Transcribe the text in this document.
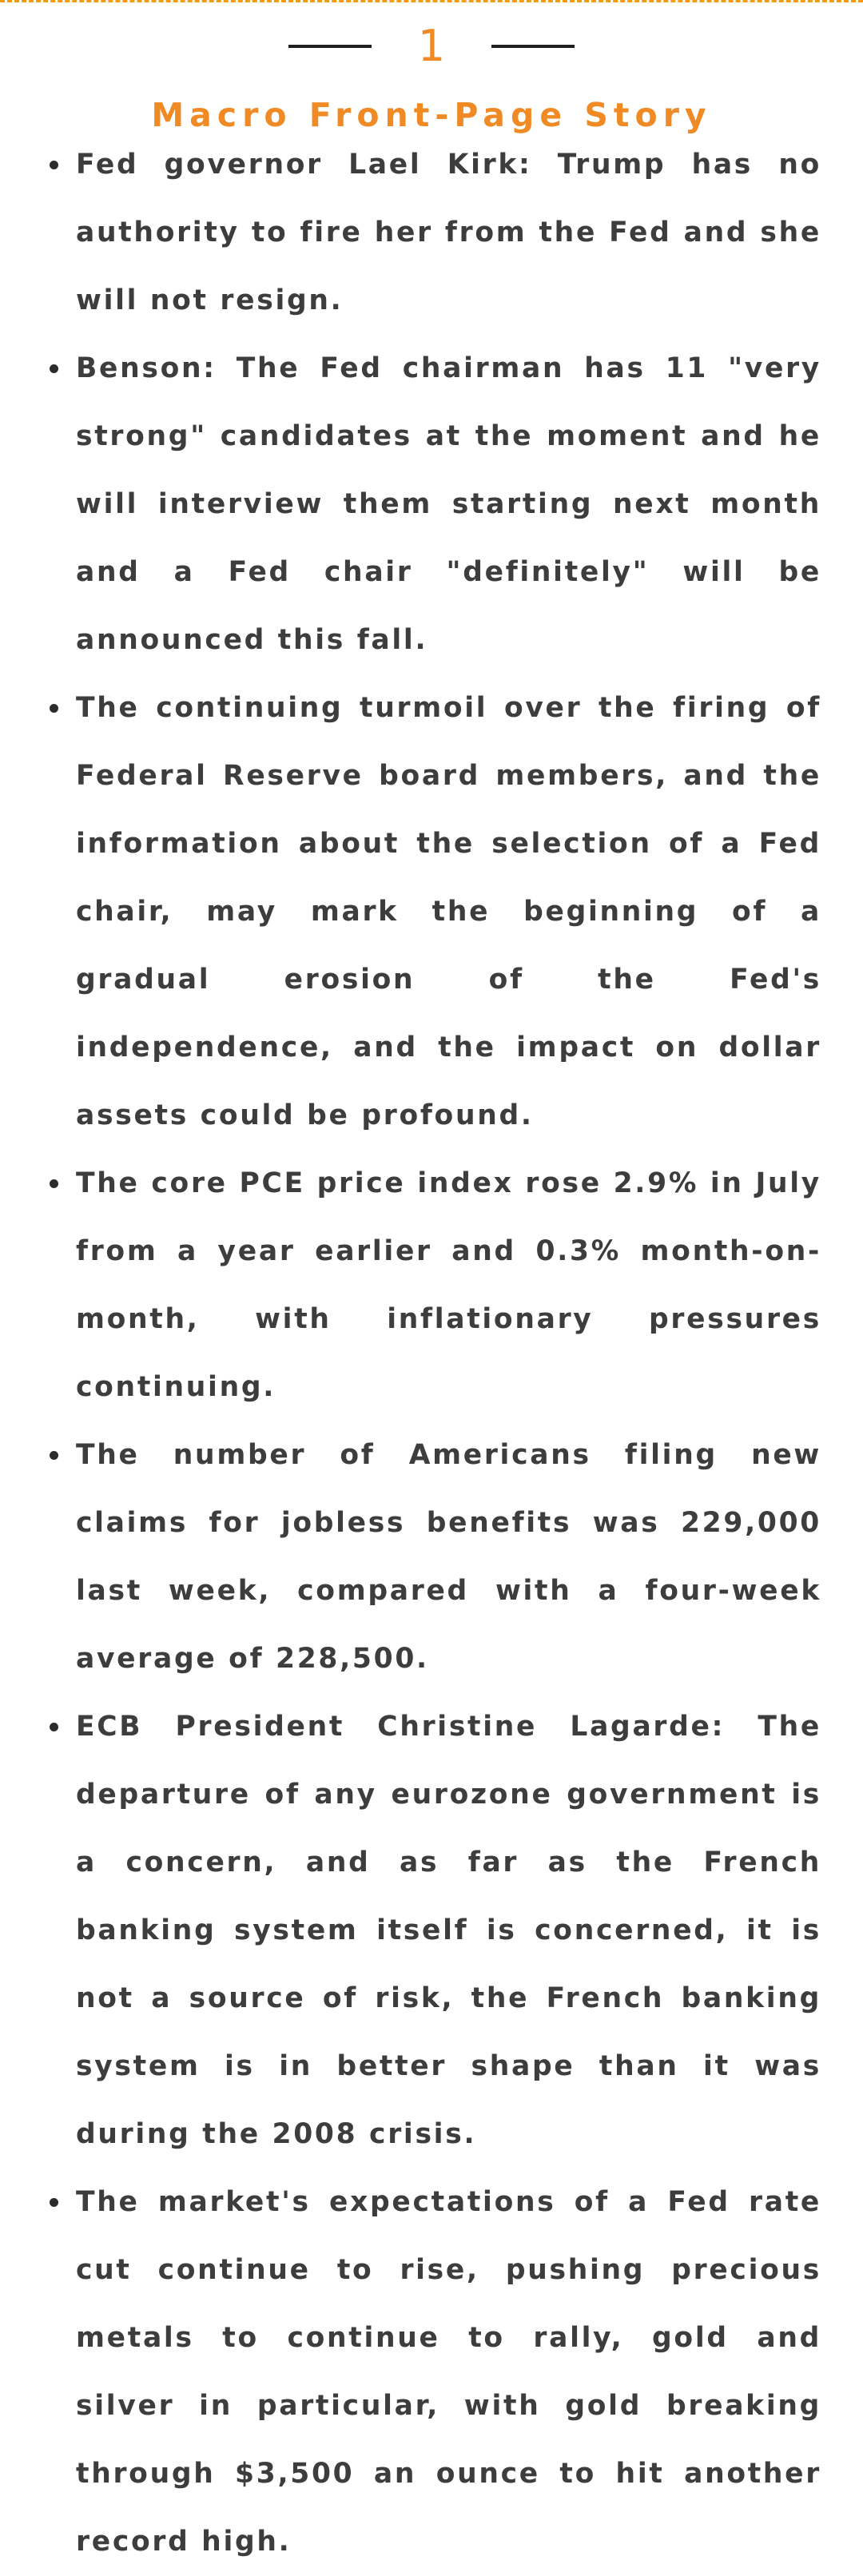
1
Macro Front-Page Story
Fed governor Lael Kirk: Trump has no authority to fire her from the Fed and she will not resign.
Benson: The Fed chairman has 11 "very strong" candidates at the moment and he will interview them starting next month and a Fed chair "definitely" will be announced this fall.
The continuing turmoil over the firing of Federal Reserve board members, and the information about the selection of a Fed chair, may mark the beginning of a gradual erosion of the Fed's independence, and the impact on dollar assets could be profound.
The core PCE price index rose 2.9% in July from a year earlier and 0.3% month-on-month, with inflationary pressures continuing.
The number of Americans filing new claims for jobless benefits was 229,000 last week, compared with a four-week average of 228,500.
ECB President Christine Lagarde: The departure of any eurozone government is a concern, and as far as the French banking system itself is concerned, it is not a source of risk, the French banking system is in better shape than it was during the 2008 crisis.
The market's expectations of a Fed rate cut continue to rise, pushing precious metals to continue to rally, gold and silver in particular, with gold breaking through $3,500 an ounce to hit another record high.
